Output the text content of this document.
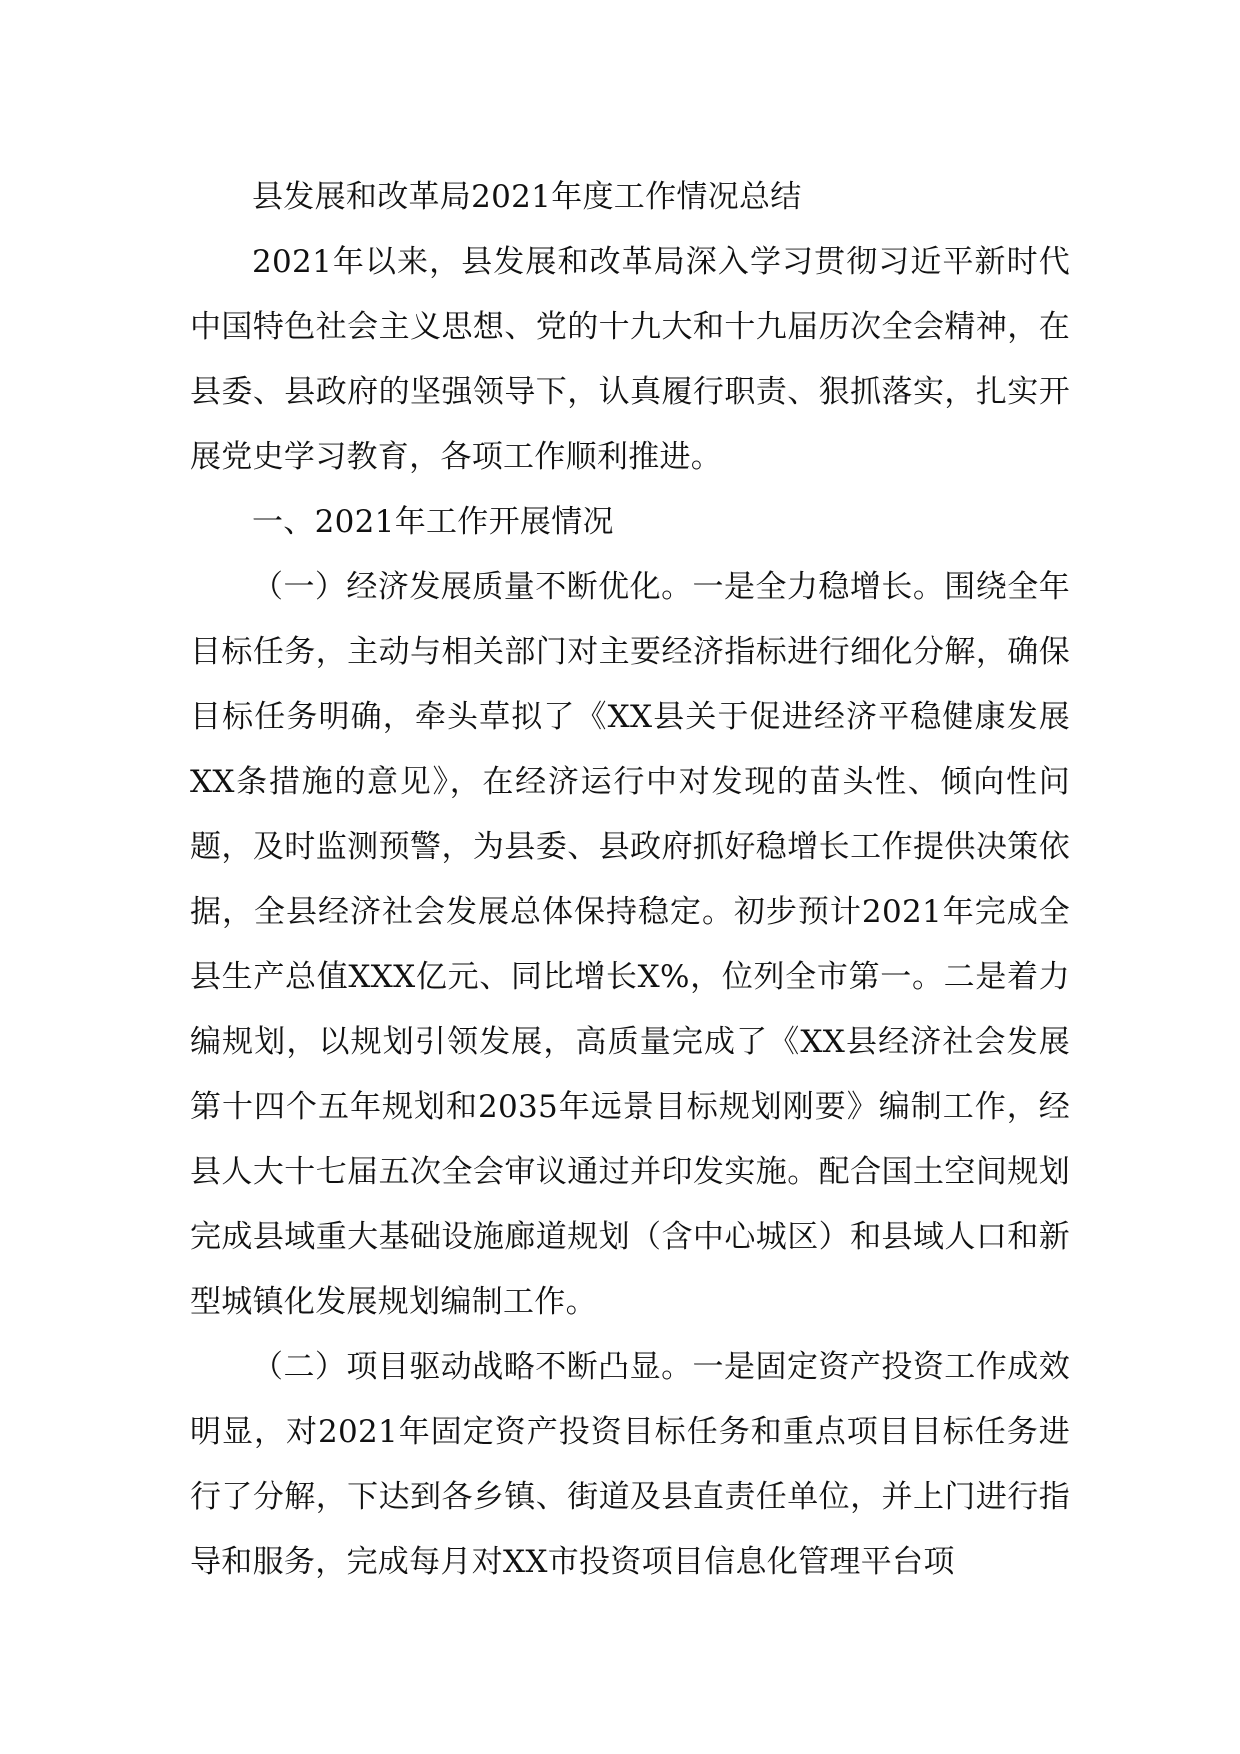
县发展和改革局2021年度工作情况总结

2021年以来，县发展和改革局深入学习贯彻习近平新时代中国特色社会主义思想、党的十九大和十九届历次全会精神，在县委、县政府的坚强领导下，认真履行职责、狠抓落实，扎实开展党史学习教育，各项工作顺利推进。

一、2021年工作开展情况

（一）经济发展质量不断优化。一是全力稳增长。围绕全年目标任务，主动与相关部门对主要经济指标进行细化分解，确保目标任务明确，牵头草拟了《XX县关于促进经济平稳健康发展XX条措施的意见》，在经济运行中对发现的苗头性、倾向性问题，及时监测预警，为县委、县政府抓好稳增长工作提供决策依据，全县经济社会发展总体保持稳定。初步预计2021年完成全县生产总值XXX亿元、同比增长X%，位列全市第一。二是着力编规划，以规划引领发展，高质量完成了《XX县经济社会发展第十四个五年规划和2035年远景目标规划刚要》编制工作，经县人大十七届五次全会审议通过并印发实施。配合国土空间规划完成县域重大基础设施廊道规划（含中心城区）和县域人口和新型城镇化发展规划编制工作。

（二）项目驱动战略不断凸显。一是固定资产投资工作成效明显，对2021年固定资产投资目标任务和重点项目目标任务进行了分解，下达到各乡镇、街道及县直责任单位，并上门进行指导和服务，完成每月对XX市投资项目信息化管理平台项
